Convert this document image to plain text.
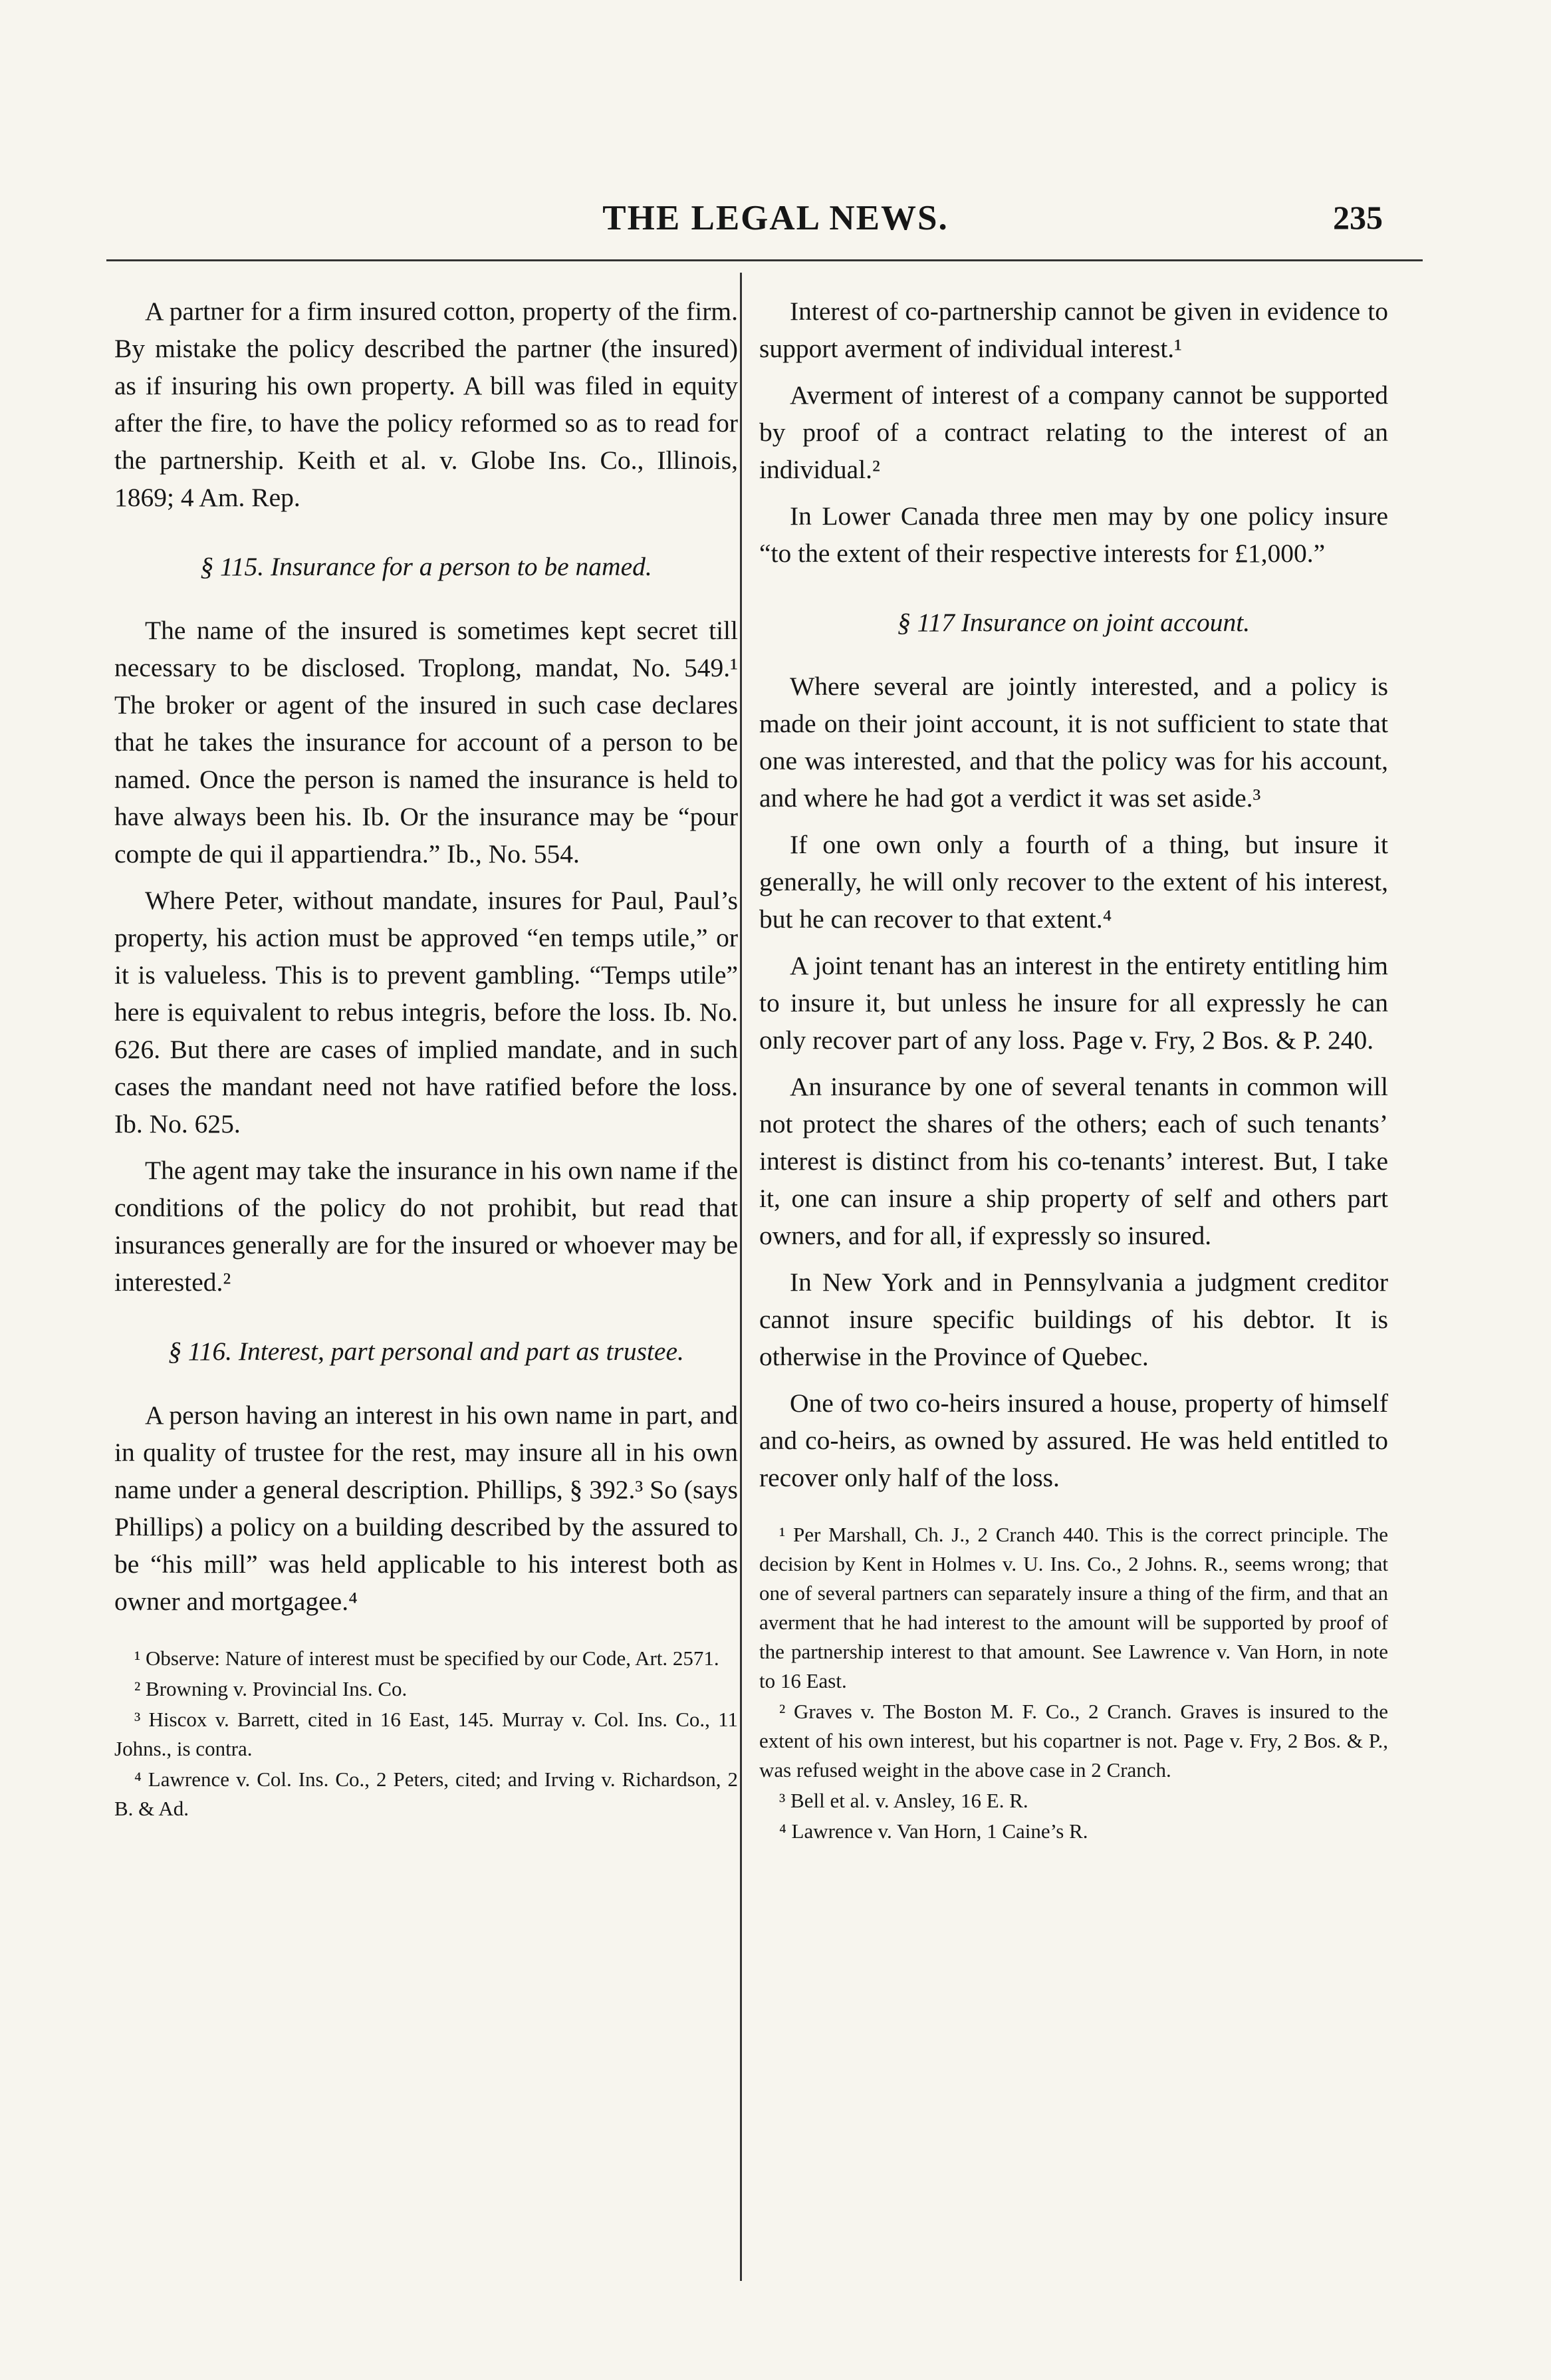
THE LEGAL NEWS.	235

A partner for a firm insured cotton, property of the firm. By mistake the policy described the partner (the insured) as if insuring his own property. A bill was filed in equity after the fire, to have the policy reformed so as to read for the partnership. Keith et al. v. Globe Ins. Co., Illinois, 1869; 4 Am. Rep.

§ 115. Insurance for a person to be named.

The name of the insured is sometimes kept secret till necessary to be disclosed. Troplong, mandat, No. 549.¹ The broker or agent of the insured in such case declares that he takes the insurance for account of a person to be named. Once the person is named the insurance is held to have always been his. Ib. Or the insurance may be “pour compte de qui il appartiendra.” Ib., No. 554.

Where Peter, without mandate, insures for Paul, Paul’s property, his action must be approved “en temps utile,” or it is valueless. This is to prevent gambling. “Temps utile” here is equivalent to rebus integris, before the loss. Ib. No. 626. But there are cases of implied mandate, and in such cases the mandant need not have ratified before the loss. Ib. No. 625.

The agent may take the insurance in his own name if the conditions of the policy do not prohibit, but read that insurances generally are for the insured or whoever may be interested.²

§ 116. Interest, part personal and part as trustee.

A person having an interest in his own name in part, and in quality of trustee for the rest, may insure all in his own name under a general description. Phillips, § 392.³ So (says Phillips) a policy on a building described by the assured to be “his mill” was held applicable to his interest both as owner and mortgagee.⁴

¹ Observe: Nature of interest must be specified by our Code, Art. 2571.

² Browning v. Provincial Ins. Co.

³ Hiscox v. Barrett, cited in 16 East, 145. Murray v. Col. Ins. Co., 11 Johns., is contra.

⁴ Lawrence v. Col. Ins. Co., 2 Peters, cited; and Irving v. Richardson, 2 B. & Ad.

Interest of co-partnership cannot be given in evidence to support averment of individual interest.¹

Averment of interest of a company cannot be supported by proof of a contract relating to the interest of an individual.²

In Lower Canada three men may by one policy insure “to the extent of their respective interests for £1,000.”

§ 117 Insurance on joint account.

Where several are jointly interested, and a policy is made on their joint account, it is not sufficient to state that one was interested, and that the policy was for his account, and where he had got a verdict it was set aside.³

If one own only a fourth of a thing, but insure it generally, he will only recover to the extent of his interest, but he can recover to that extent.⁴

A joint tenant has an interest in the entirety entitling him to insure it, but unless he insure for all expressly he can only recover part of any loss. Page v. Fry, 2 Bos. & P. 240.

An insurance by one of several tenants in common will not protect the shares of the others; each of such tenants’ interest is distinct from his co-tenants’ interest. But, I take it, one can insure a ship property of self and others part owners, and for all, if expressly so insured.

In New York and in Pennsylvania a judgment creditor cannot insure specific buildings of his debtor. It is otherwise in the Province of Quebec.

One of two co-heirs insured a house, property of himself and co-heirs, as owned by assured. He was held entitled to recover only half of the loss.

¹ Per Marshall, Ch. J., 2 Cranch 440. This is the correct principle. The decision by Kent in Holmes v. U. Ins. Co., 2 Johns. R., seems wrong; that one of several partners can separately insure a thing of the firm, and that an averment that he had interest to the amount will be supported by proof of the partnership interest to that amount. See Lawrence v. Van Horn, in note to 16 East.

² Graves v. The Boston M. F. Co., 2 Cranch. Graves is insured to the extent of his own interest, but his copartner is not. Page v. Fry, 2 Bos. & P., was refused weight in the above case in 2 Cranch.

³ Bell et al. v. Ansley, 16 E. R.

⁴ Lawrence v. Van Horn, 1 Caine’s R.
